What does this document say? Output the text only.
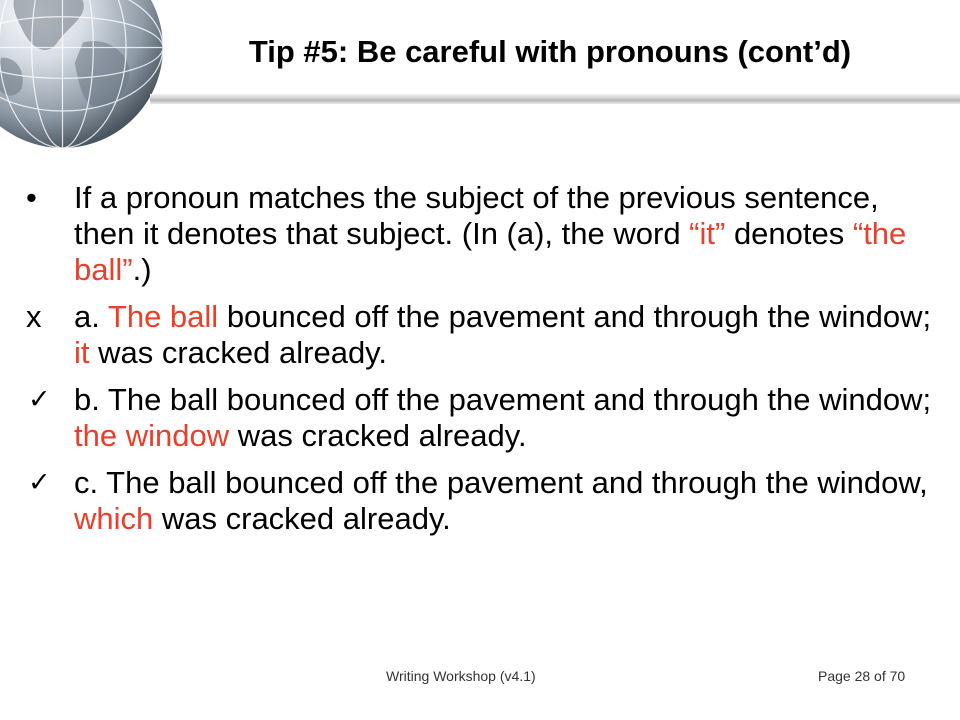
Tip #5: Be careful with pronouns (cont’d)
•	If a pronoun matches the subject of the previous sentence, then it denotes that subject. (In (a), the word “it” denotes “the ball”.)
x	a. The ball bounced off the pavement and through the window; it was cracked already.
✓ b. The ball bounced off the pavement and through the window; the window was cracked already.
✓ c. The ball bounced off the pavement and through the window, which was cracked already.
Writing Workshop (v4.1)	Page 28 of 70
